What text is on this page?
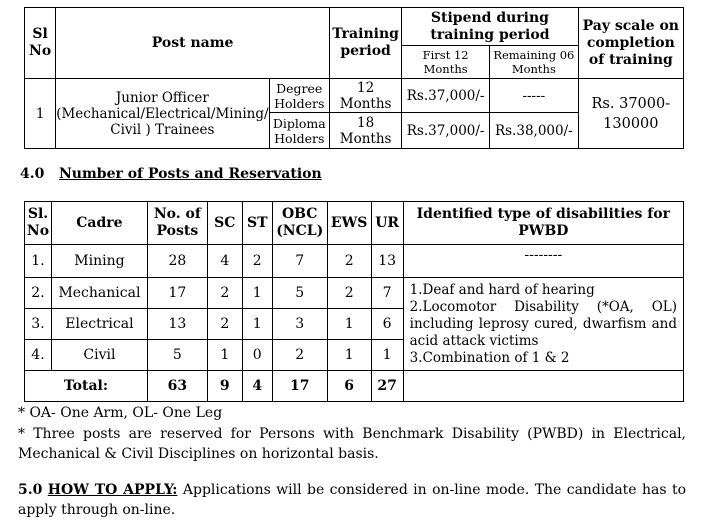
Sl No	Post name		Training period	Stipend during training period		Pay scale on completion of training
				First 12 Months	Remaining 06 Months	
1	Junior Officer (Mechanical/Electrical/Mining/ Civil ) Trainees	Degree Holders	12 Months	Rs.37,000/-	-----	Rs. 37000-130000
		Diploma Holders	18 Months	Rs.37,000/-	Rs.38,000/-	
4.0 Number of Posts and Reservation
Sl. No	Cadre	No. of Posts	SC	ST	OBC (NCL)	EWS	UR	Identified type of disabilities for PWBD
1.	Mining	28	4	2	7	2	13	--------
2.	Mechanical	17	2	1	5	2	7	1.Deaf and hard of hearing
2.Locomotor Disability (*OA, OL) including leprosy cured, dwarfism and acid attack victims
3.Combination of 1 & 2

3.	Electrical	13	2	1	3	1	6	
4.	Civil	5	1	0	2	1	1	
Total:		63	9	4	17	6	27	
* OA- One Arm, OL- One Leg
* Three posts are reserved for Persons with Benchmark Disability (PWBD) in Electrical, Mechanical & Civil Disciplines on horizontal basis.
5.0 HOW TO APPLY: Applications will be considered in on-line mode. The candidate has to apply through on-line.
